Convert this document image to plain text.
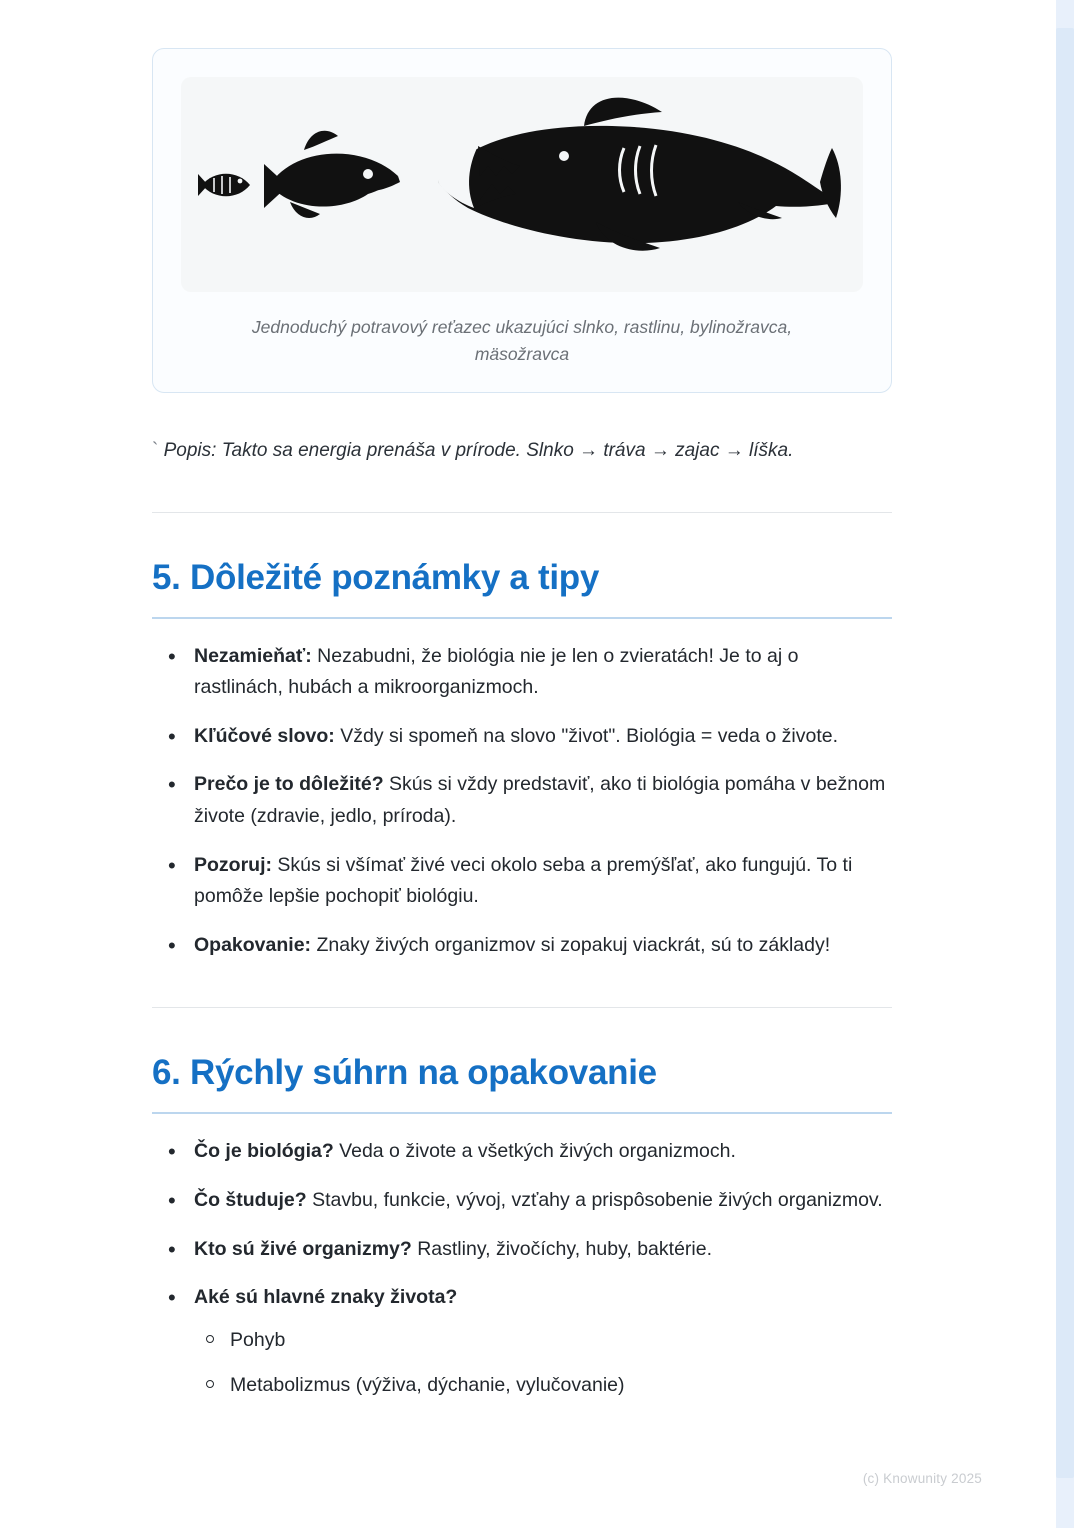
Jednoduchý potravový reťazec ukazujúci slnko, rastlinu, bylinožravca, mäsožravca

` Popis: Takto sa energia prenáša v prírode. Slnko → tráva → zajac → líška.

5. Dôležité poznámky a tipy
• Nezamieňať: Nezabudni, že biológia nie je len o zvieratách! Je to aj o rastlinách, hubách a mikroorganizmoch.
• Kľúčové slovo: Vždy si spomeň na slovo "život". Biológia = veda o živote.
• Prečo je to dôležité? Skús si vždy predstaviť, ako ti biológia pomáha v bežnom živote (zdravie, jedlo, príroda).
• Pozoruj: Skús si všímať živé veci okolo seba a premýšľať, ako fungujú. To ti pomôže lepšie pochopiť biológiu.
• Opakovanie: Znaky živých organizmov si zopakuj viackrát, sú to základy!
6. Rýchly súhrn na opakovanie
• Čo je biológia? Veda o živote a všetkých živých organizmoch.
• Čo študuje? Stavbu, funkcie, vývoj, vzťahy a prispôsobenie živých organizmov.
• Kto sú živé organizmy? Rastliny, živočíchy, huby, baktérie.
• Aké sú hlavné znaky života?
Pohyb
Metabolizmus (výživa, dýchanie, vylučovanie)
(c) Knowunity 2025
